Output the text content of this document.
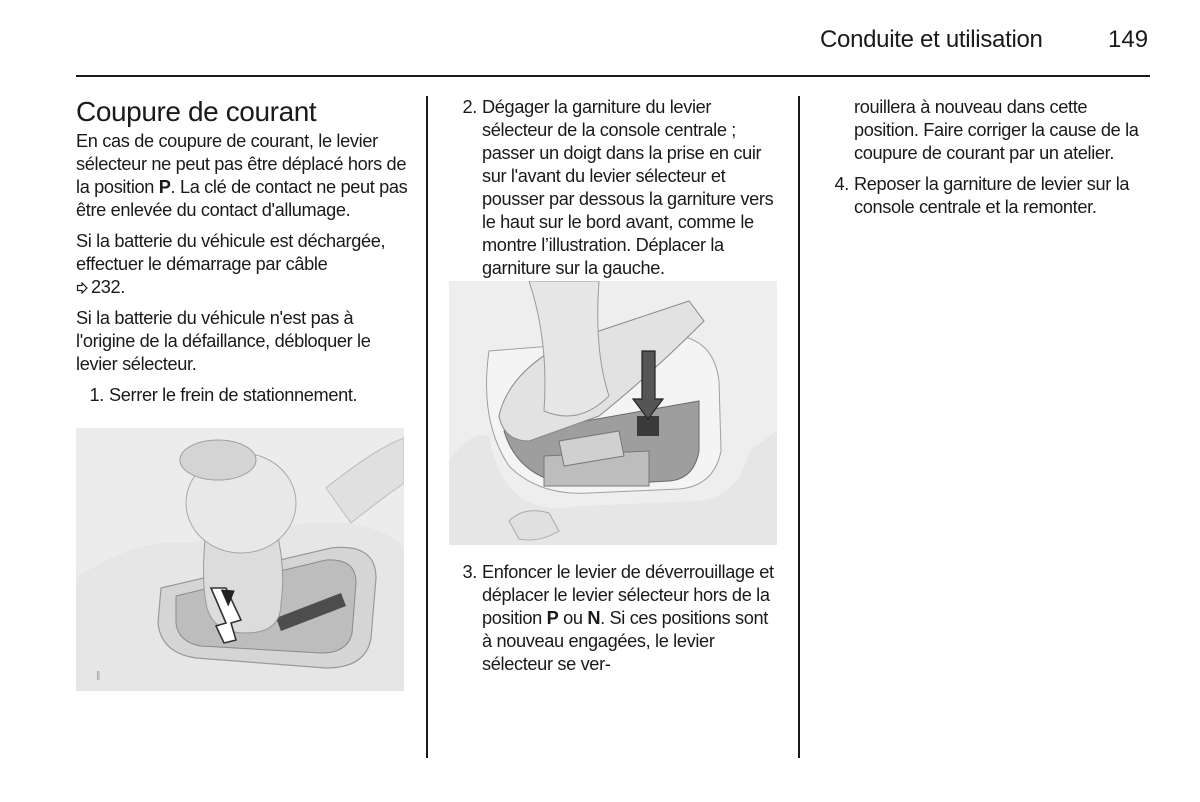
Conduite et utilisation	149
Coupure de courant

En cas de coupure de courant, le levier sélecteur ne peut pas être déplacé hors de la position P. La clé de contact ne peut pas être enlevée du contact d'allumage.

Si la batterie du véhicule est déchargée, effectuer le démarrage par câble

232.

Si la batterie du véhicule n'est pas à l'origine de la défaillance, débloquer le levier sélecteur.

1. Serrer le frein de stationnement.
‖
2. Dégager la garniture du levier sélecteur de la console centrale ; passer un doigt dans la prise en cuir sur l'avant du levier sélecteur et pousser par dessous la garniture vers le haut sur le bord avant, comme le montre l’illustration. Déplacer la garniture sur la gauche.
3. Enfoncer le levier de déverrouillage et déplacer le levier sélecteur hors de la position P ou N. Si ces positions sont à nouveau engagées, le levier sélecteur se ver-
rouillera à nouveau dans cette position. Faire corriger la cause de la coupure de courant par un atelier.
4. Reposer la garniture de levier sur la console centrale et la remonter.
